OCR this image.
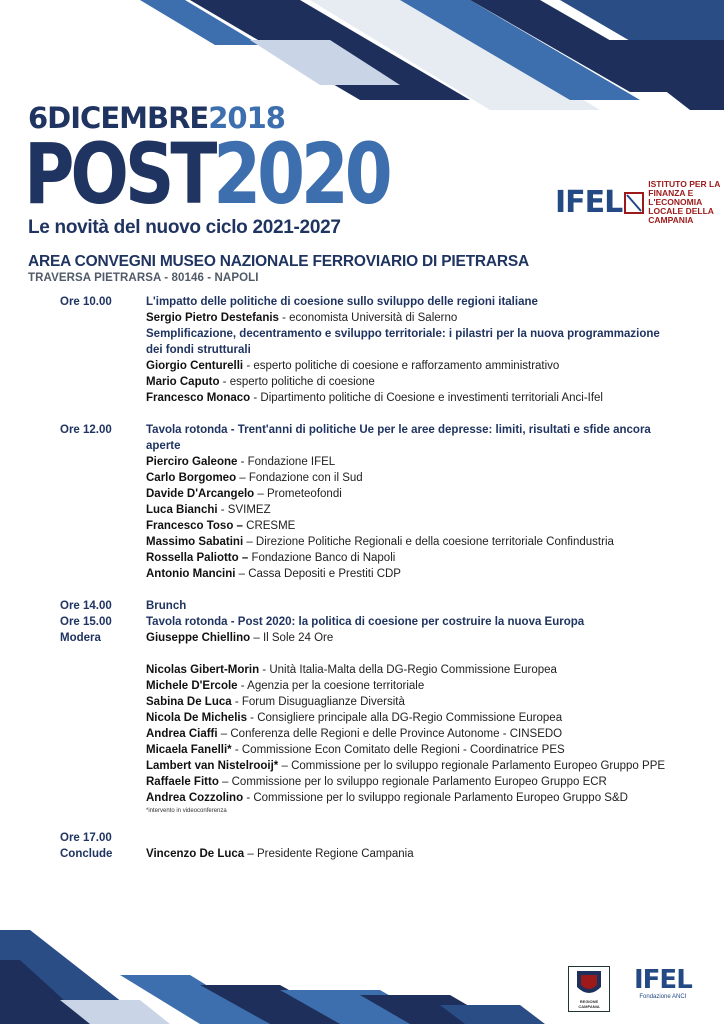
6DICEMBRE2018
POST2020
Le novità del nuovo ciclo 2021-2027
AREA CONVEGNI MUSEO NAZIONALE FERROVIARIO DI PIETRARSA
TRAVERSA PIETRARSA - 80146 - NAPOLI
IFEL
ISTITUTO PER LA FINANZA E L'ECONOMIA LOCALE DELLA CAMPANIA
Ore 10.00	L'impatto delle politiche di coesione sullo sviluppo delle regioni italiane
Sergio Pietro Destefanis - economista Università di Salerno
Semplificazione, decentramento e sviluppo territoriale: i pilastri per la nuova programmazione
dei fondi strutturali
Giorgio Centurelli - esperto politiche di coesione e rafforzamento amministrativo
Mario Caputo - esperto politiche di coesione
Francesco Monaco - Dipartimento politiche di Coesione e investimenti territoriali Anci-Ifel
Ore 12.00	Tavola rotonda - Trent'anni di politiche Ue per le aree depresse: limiti, risultati e sfide ancora
aperte
Pierciro Galeone - Fondazione IFEL
Carlo Borgomeo – Fondazione con il Sud
Davide D'Arcangelo – Prometeofondi
Luca Bianchi - SVIMEZ
Francesco Toso – CRESME
Massimo Sabatini – Direzione Politiche Regionali e della coesione territoriale Confindustria
Rossella Paliotto – Fondazione Banco di Napoli
Antonio Mancini – Cassa Depositi e Prestiti CDP
Ore 14.00	Brunch
Ore 15.00	Tavola rotonda - Post 2020: la politica di coesione per costruire la nuova Europa
Modera	Giuseppe Chiellino – Il Sole 24 Ore
Nicolas Gibert-Morin - Unità Italia-Malta della DG-Regio Commissione Europea
Michele D'Ercole - Agenzia per la coesione territoriale
Sabina De Luca - Forum Disuguaglianze Diversità
Nicola De Michelis - Consigliere principale alla DG-Regio Commissione Europea
Andrea Ciaffi – Conferenza delle Regioni e delle Province Autonome - CINSEDO
Micaela Fanelli* - Commissione Econ Comitato delle Regioni - Coordinatrice PES
Lambert van Nistelrooij* – Commissione per lo sviluppo regionale Parlamento Europeo Gruppo PPE
Raffaele Fitto – Commissione per lo sviluppo regionale Parlamento Europeo Gruppo ECR
Andrea Cozzolino - Commissione per lo sviluppo regionale Parlamento Europeo Gruppo S&D
*intervento in videoconferenza
Ore 17.00
Conclude	Vincenzo De Luca – Presidente Regione Campania
REGIONE CAMPANIA
IFEL
Fondazione ANCI
